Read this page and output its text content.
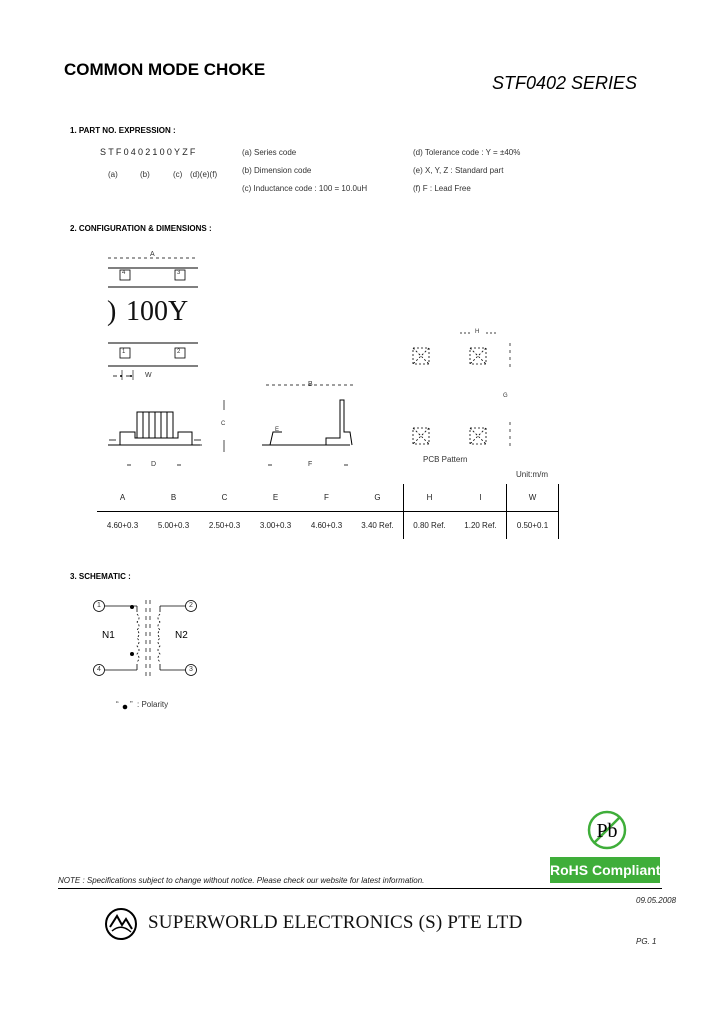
COMMON MODE CHOKE
STF0402 SERIES
1. PART NO. EXPRESSION :
STF0402100YZF
(a)	(b)	(c) (d)(e)(f)
(a) Series code
(b) Dimension code
(c) Inductance code : 100 = 10.0uH
(d) Tolerance code : Y = ±40%
(e) X, Y, Z : Standard part
(f) F : Lead Free
2. CONFIGURATION & DIMENSIONS :
A
4	3
1	2
) 100Y
W
B
C
D
E
F
G
H
PCB Pattern
Unit:m/m
A	B	C	E	F	G	H	I	W
4.60+0.3	5.00+0.3	2.50+0.3	3.00+0.3	4.60+0.3	3.40 Ref.	0.80 Ref.	1.20 Ref.	0.50+0.1
3. SCHEMATIC :
1	2
4	3
N1	N2
“ ” : Polarity
Pb
RoHS Compliant
NOTE : Specifications subject to change without notice. Please check our website for latest information.
09.05.2008
SUPERWORLD ELECTRONICS (S) PTE LTD
PG. 1
